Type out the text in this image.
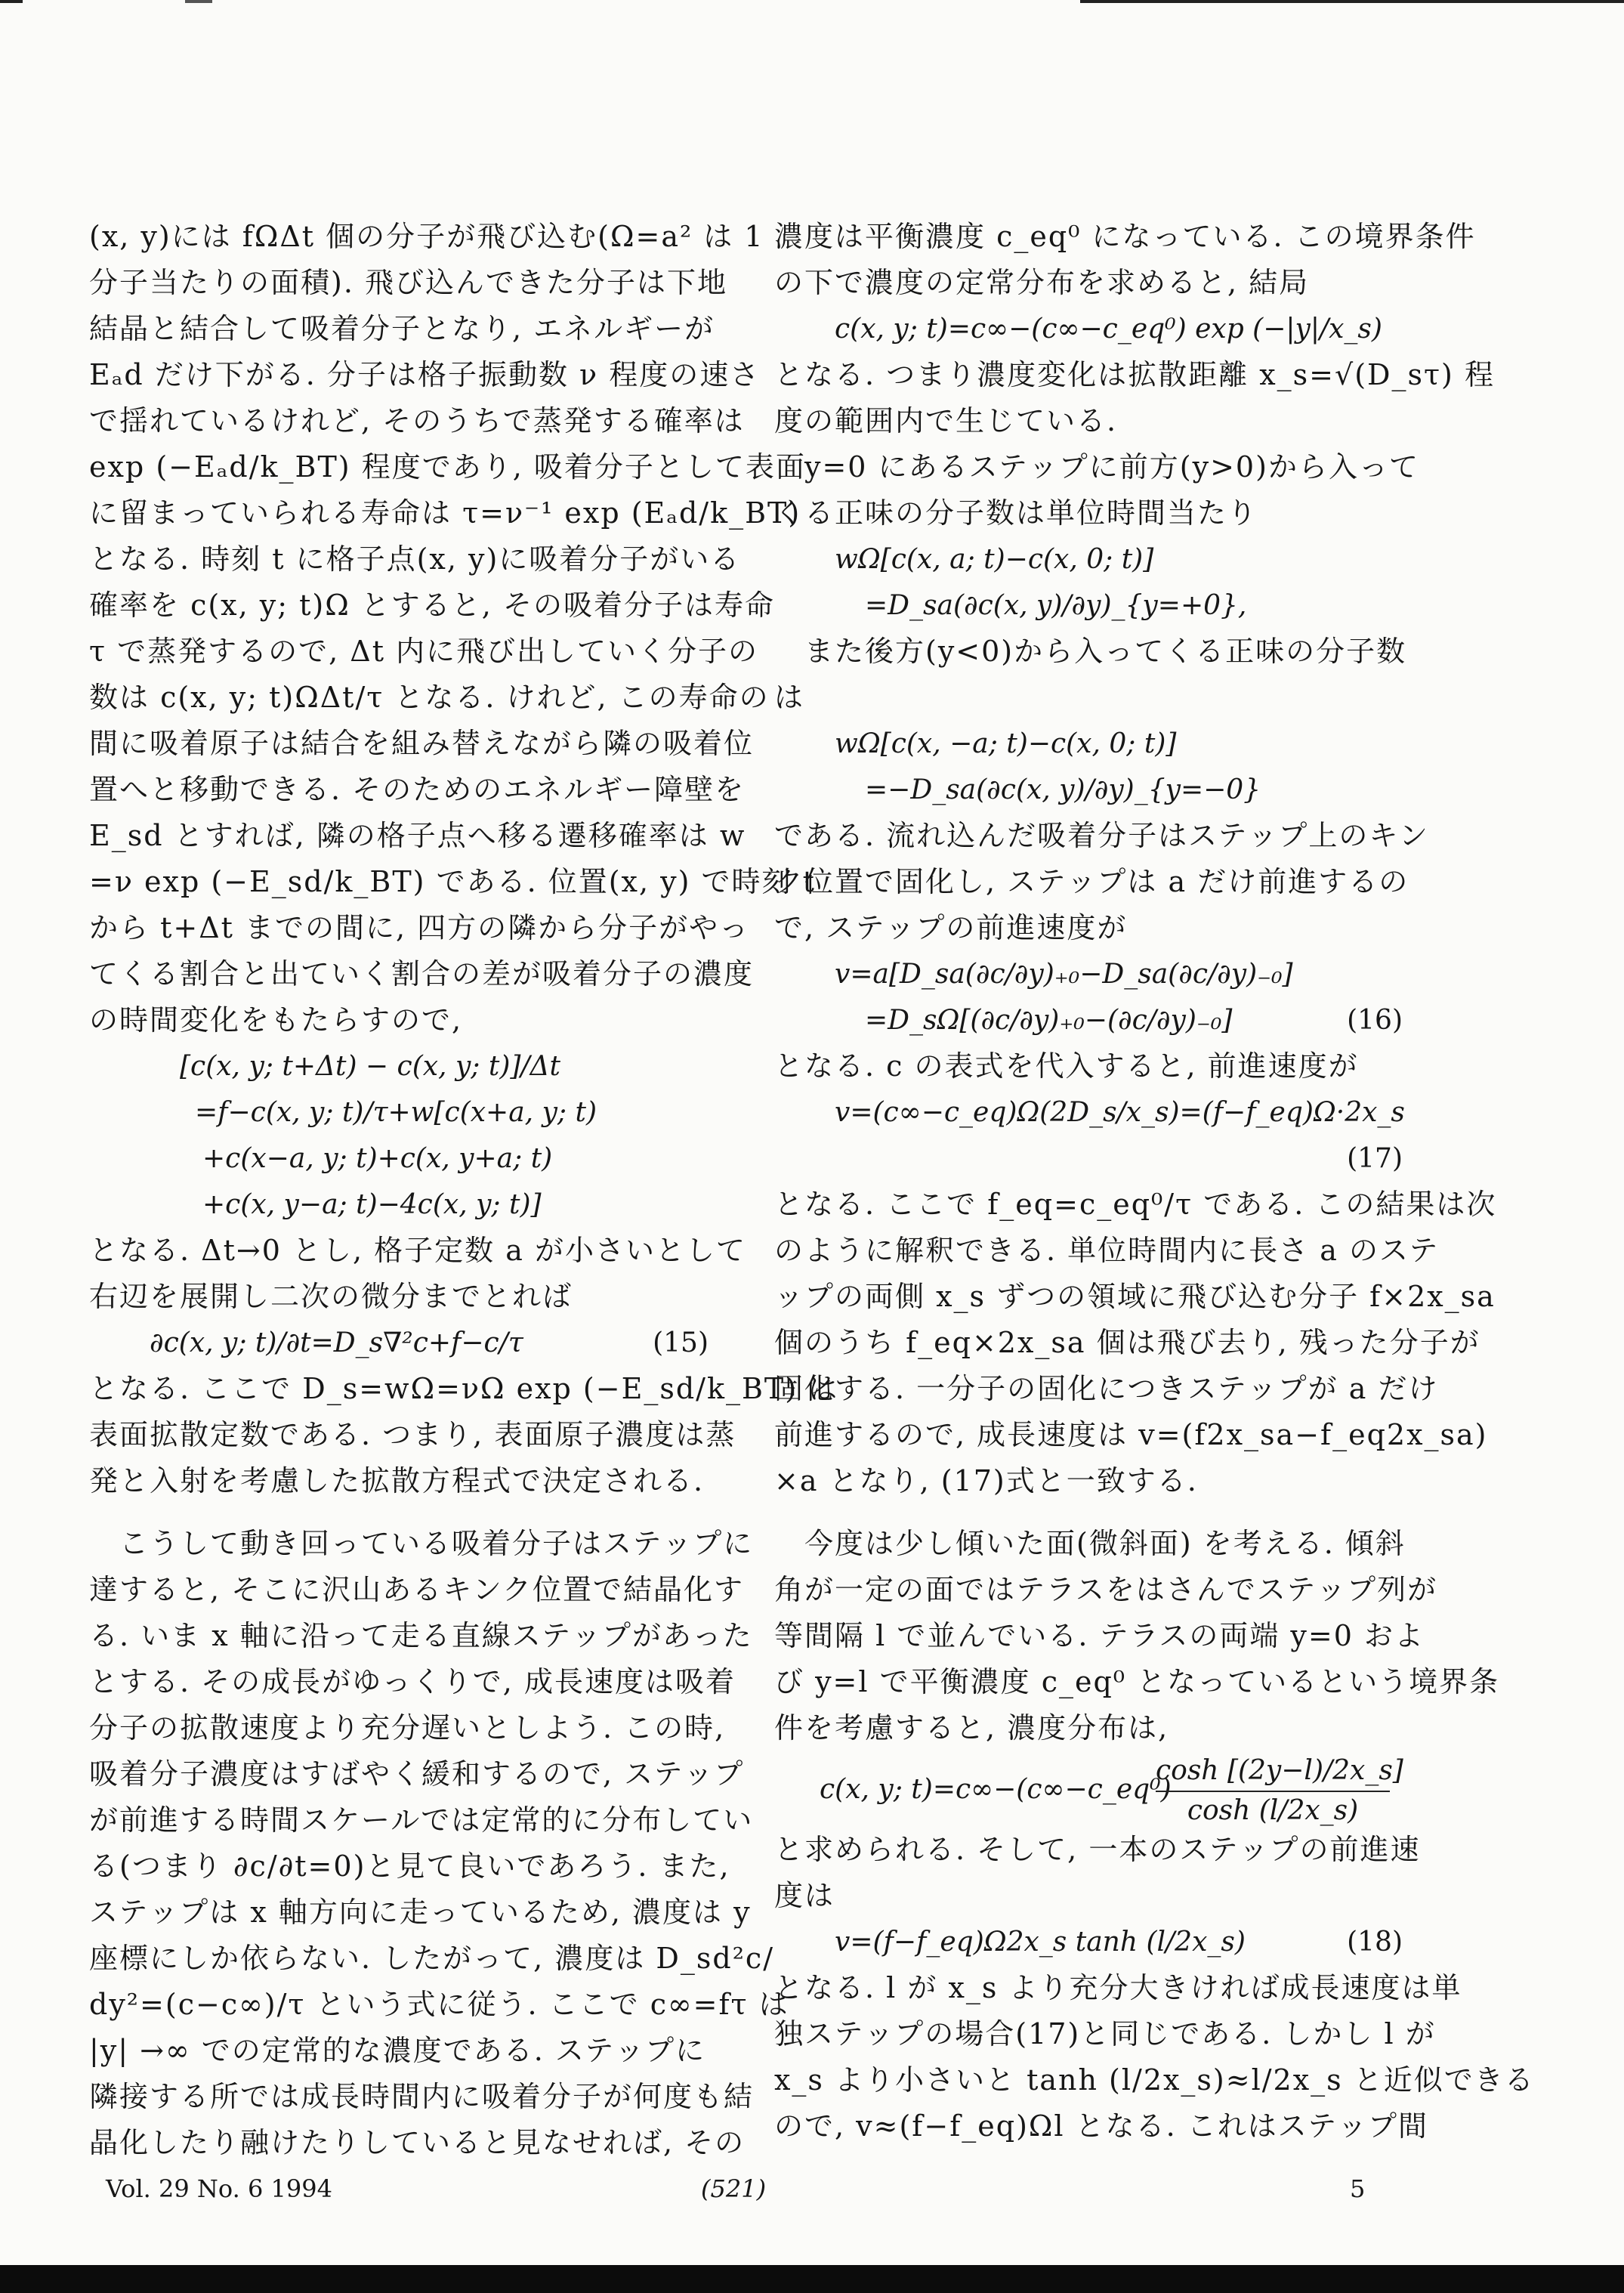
(x, y)には fΩΔt 個の分子が飛び込む(Ω=a² は 1
分子当たりの面積). 飛び込んできた分子は下地
結晶と結合して吸着分子となり, エネルギーが
Eₐd だけ下がる. 分子は格子振動数 ν 程度の速さ
で揺れているけれど, そのうちで蒸発する確率は
exp (−Eₐd/k_BT) 程度であり, 吸着分子として表面
に留まっていられる寿命は τ=ν⁻¹ exp (Eₐd/k_BT)
となる. 時刻 t に格子点(x, y)に吸着分子がいる
確率を c(x, y; t)Ω とすると, その吸着分子は寿命
τ で蒸発するので, Δt 内に飛び出していく分子の
数は c(x, y; t)ΩΔt/τ となる. けれど, この寿命の
間に吸着原子は結合を組み替えながら隣の吸着位
置へと移動できる. そのためのエネルギー障壁を
E_sd とすれば, 隣の格子点へ移る遷移確率は w
=ν exp (−E_sd/k_BT) である. 位置(x, y) で時刻 t
から t+Δt までの間に, 四方の隣から分子がやっ
てくる割合と出ていく割合の差が吸着分子の濃度
の時間変化をもたらすので,
[c(x, y; t+Δt) − c(x, y; t)]/Δt
=f−c(x, y; t)/τ+w[c(x+a, y; t)
+c(x−a, y; t)+c(x, y+a; t)
+c(x, y−a; t)−4c(x, y; t)]
となる. Δt→0 とし, 格子定数 a が小さいとして
右辺を展開し二次の微分までとれば
∂c(x, y; t)/∂t=D_s∇²c+f−c/τ	(15)
となる. ここで D_s=wΩ=νΩ exp (−E_sd/k_BT) は
表面拡散定数である. つまり, 表面原子濃度は蒸
発と入射を考慮した拡散方程式で決定される.
こうして動き回っている吸着分子はステップに
達すると, そこに沢山あるキンク位置で結晶化す
る. いま x 軸に沿って走る直線ステップがあった
とする. その成長がゆっくりで, 成長速度は吸着
分子の拡散速度より充分遅いとしよう. この時,
吸着分子濃度はすばやく緩和するので, ステップ
が前進する時間スケールでは定常的に分布してい
る(つまり ∂c/∂t=0)と見て良いであろう. また,
ステップは x 軸方向に走っているため, 濃度は y
座標にしか依らない. したがって, 濃度は D_sd²c/
dy²=(c−c∞)/τ という式に従う. ここで c∞=fτ は
|y| →∞ での定常的な濃度である. ステップに
隣接する所では成長時間内に吸着分子が何度も結
晶化したり融けたりしていると見なせれば, その
濃度は平衡濃度 c_eq⁰ になっている. この境界条件
の下で濃度の定常分布を求めると, 結局
c(x, y; t)=c∞−(c∞−c_eq⁰) exp (−|y|/x_s)
となる. つまり濃度変化は拡散距離 x_s=√(D_sτ) 程
度の範囲内で生じている.
y=0 にあるステップに前方(y>0)から入って
くる正味の分子数は単位時間当たり
wΩ[c(x, a; t)−c(x, 0; t)]
=D_sa(∂c(x, y)/∂y)_{y=+0},
また後方(y<0)から入ってくる正味の分子数
は
wΩ[c(x, −a; t)−c(x, 0; t)]
=−D_sa(∂c(x, y)/∂y)_{y=−0}
である. 流れ込んだ吸着分子はステップ上のキン
ク位置で固化し, ステップは a だけ前進するの
で, ステップの前進速度が
v=a[D_sa(∂c/∂y)₊₀−D_sa(∂c/∂y)₋₀]
=D_sΩ[(∂c/∂y)₊₀−(∂c/∂y)₋₀]	(16)
となる. c の表式を代入すると, 前進速度が
v=(c∞−c_eq)Ω(2D_s/x_s)=(f−f_eq)Ω·2x_s
(17)
となる. ここで f_eq=c_eq⁰/τ である. この結果は次
のように解釈できる. 単位時間内に長さ a のステ
ップの両側 x_s ずつの領域に飛び込む分子 f×2x_sa
個のうち f_eq×2x_sa 個は飛び去り, 残った分子が
固化する. 一分子の固化につきステップが a だけ
前進するので, 成長速度は v=(f2x_sa−f_eq2x_sa)
×a となり, (17)式と一致する.
今度は少し傾いた面(微斜面) を考える. 傾斜
角が一定の面ではテラスをはさんでステップ列が
等間隔 l で並んでいる. テラスの両端 y=0 およ
び y=l で平衡濃度 c_eq⁰ となっているという境界条
件を考慮すると, 濃度分布は,
c(x, y; t)=c∞−(c∞−c_eq⁰)
$\frac{\cosh [(2y-l)/2x\_s]}{\cosh (l/2x\_s)}$
と求められる. そして, 一本のステップの前進速
度は
v=(f−f_eq)Ω2x_s tanh (l/2x_s)	(18)
となる. l が x_s より充分大きければ成長速度は単
独ステップの場合(17)と同じである. しかし l が
x_s より小さいと tanh (l/2x_s)≈l/2x_s と近似できる
ので, v≈(f−f_eq)Ωl となる. これはステップ間
Vol. 29 No. 6 1994	(521)	5
